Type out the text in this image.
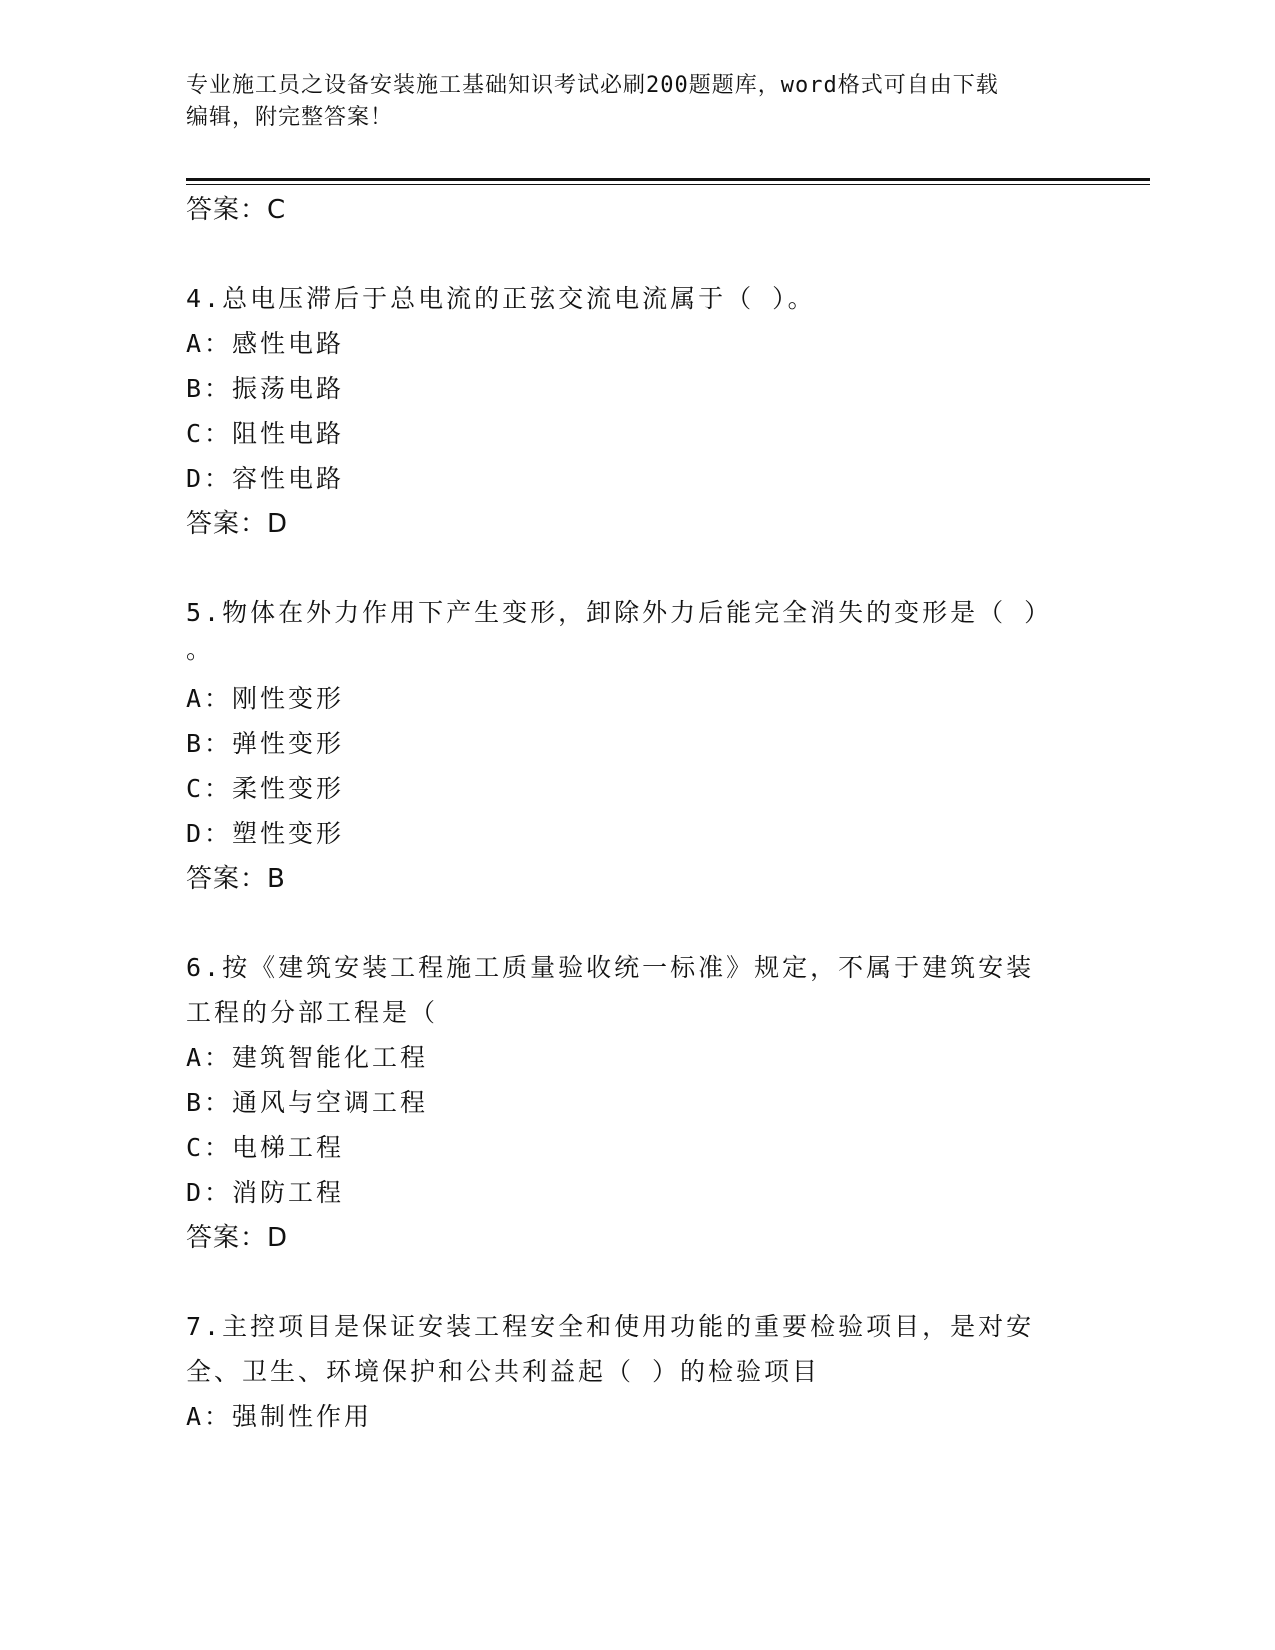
专业施工员之设备安装施工基础知识考试必刷200题题库，word格式可自由下载
编辑，附完整答案！
答案：C
4.总电压滞后于总电流的正弦交流电流属于（ ）。
A：感性电路
B：振荡电路
C：阻性电路
D：容性电路
答案：D
5.物体在外力作用下产生变形，卸除外力后能完全消失的变形是（ ）
。
A：刚性变形
B：弹性变形
C：柔性变形
D：塑性变形
答案：B
6.按《建筑安装工程施工质量验收统一标准》规定，不属于建筑安装
工程的分部工程是（
A：建筑智能化工程
B：通风与空调工程
C：电梯工程
D：消防工程
答案：D
7.主控项目是保证安装工程安全和使用功能的重要检验项目，是对安
全、卫生、环境保护和公共利益起（ ）的检验项目
A：强制性作用
